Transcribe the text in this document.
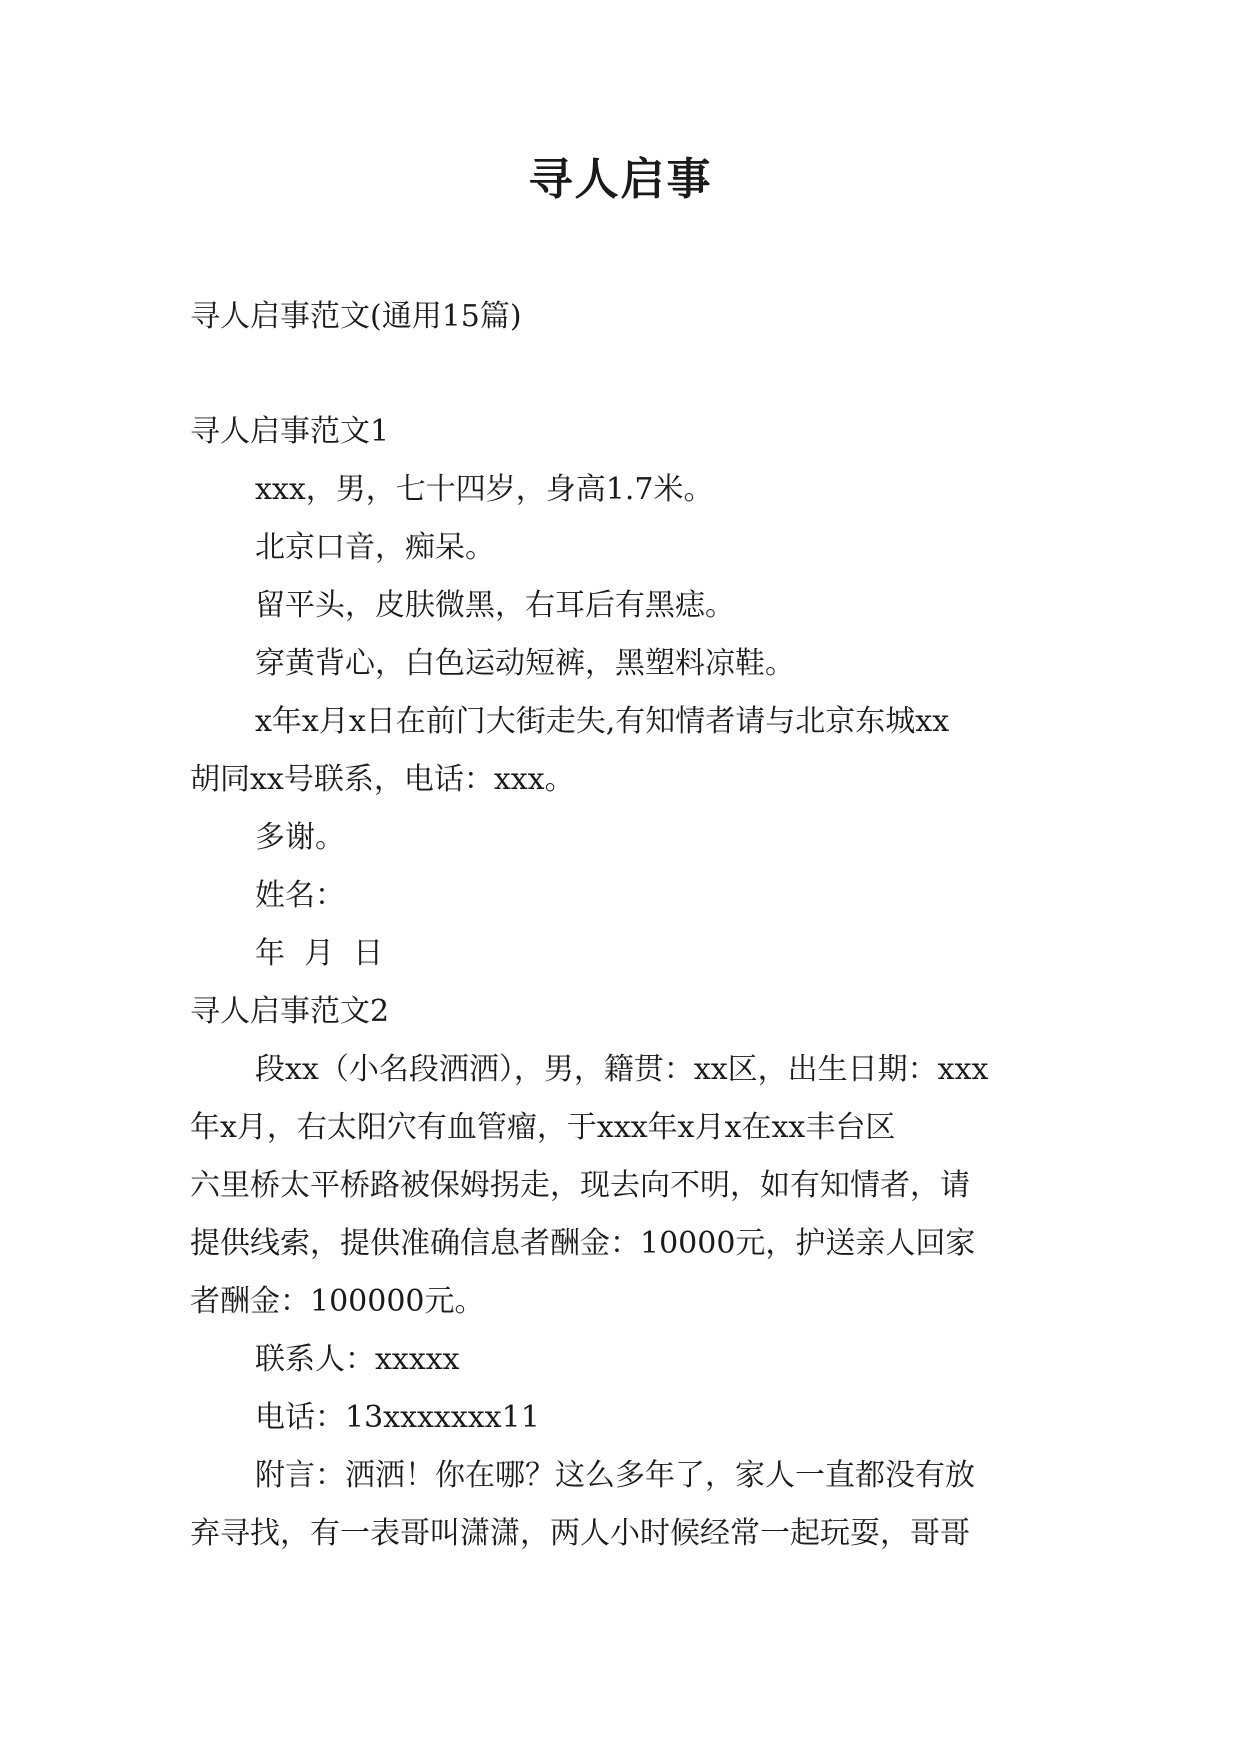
寻人启事
寻人启事范文(通用15篇)
寻人启事范文1
xxx，男，七十四岁，身高1.7米。
北京口音，痴呆。
留平头，皮肤微黑，右耳后有黑痣。
穿黄背心，白色运动短裤，黑塑料凉鞋。
x年x月x日在前门大街走失,有知情者请与北京东城xx
胡同xx号联系，电话：xxx。
多谢。
姓名：
年  月  日
寻人启事范文2
段xx（小名段洒洒），男，籍贯：xx区，出生日期：xxx
年x月，右太阳穴有血管瘤，于xxx年x月x在xx丰台区
六里桥太平桥路被保姆拐走，现去向不明，如有知情者，请
提供线索，提供准确信息者酬金：10000元，护送亲人回家
者酬金：100000元。
联系人：xxxxx
电话：13xxxxxxx11
附言：洒洒！你在哪？这么多年了，家人一直都没有放
弃寻找，有一表哥叫潇潇，两人小时候经常一起玩耍，哥哥
